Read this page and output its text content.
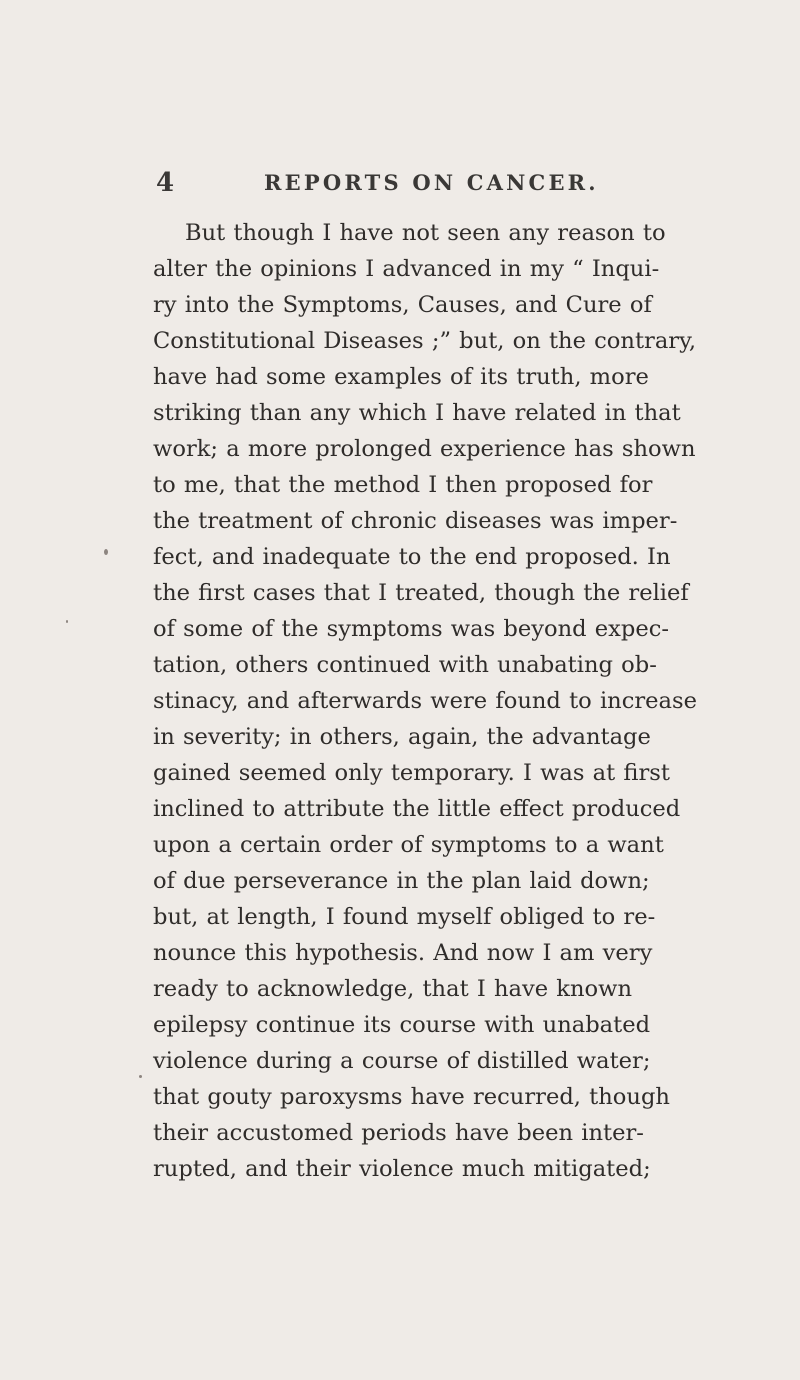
4	REPORTS ON CANCER.
But though I have not seen any reason to
alter the opinions I advanced in my “ Inqui-
ry into the Symptoms, Causes, and Cure of
Constitutional Diseases ;” but, on the contrary,
have had some examples of its truth, more
striking than any which I have related in that
work; a more prolonged experience has shown
to me, that the method I then proposed for
the treatment of chronic diseases was imper-
fect, and inadequate to the end proposed. In
the first cases that I treated, though the relief
of some of the symptoms was beyond expec-
tation, others continued with unabating ob-
stinacy, and afterwards were found to increase
in severity; in others, again, the advantage
gained seemed only temporary. I was at first
inclined to attribute the little effect produced
upon a certain order of symptoms to a want
of due perseverance in the plan laid down;
but, at length, I found myself obliged to re-
nounce this hypothesis. And now I am very
ready to acknowledge, that I have known
epilepsy continue its course with unabated
violence during a course of distilled water;
that gouty paroxysms have recurred, though
their accustomed periods have been inter-
rupted, and their violence much mitigated;
